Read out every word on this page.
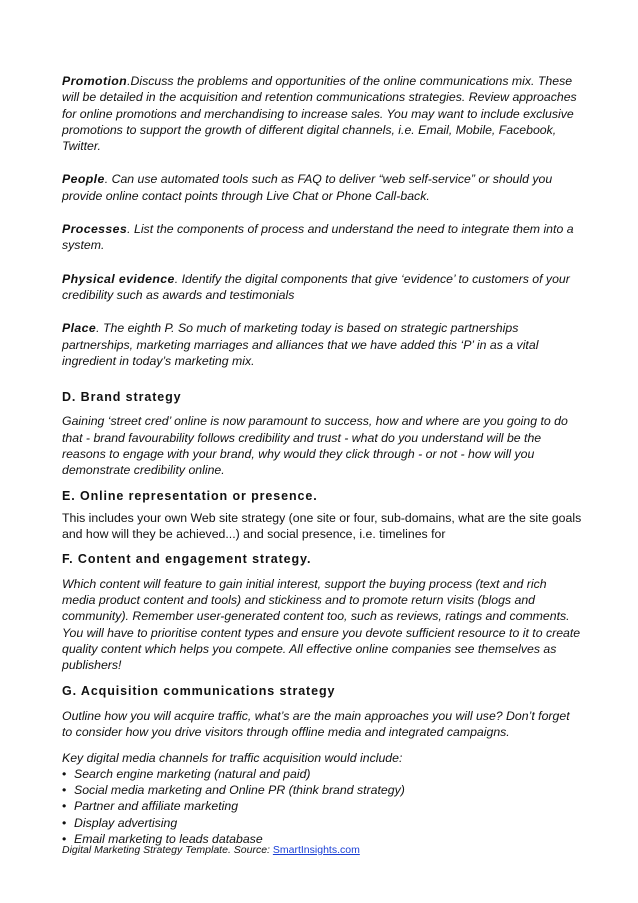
Promotion.Discuss the problems and opportunities of the online communications mix. These will be detailed in the acquisition and retention communications strategies. Review approaches for online promotions and merchandising to increase sales. You may want to include exclusive promotions to support the growth of different digital channels, i.e. Email, Mobile, Facebook, Twitter.

People. Can use automated tools such as FAQ to deliver “web self-service” or should you provide online contact points through Live Chat or Phone Call-back.

Processes. List the components of process and understand the need to integrate them into a system.

Physical evidence. Identify the digital components that give ‘evidence’ to customers of your credibility such as awards and testimonials

Place. The eighth P. So much of marketing today is based on strategic partnerships partnerships, marketing marriages and alliances that we have added this ‘P’ in as a vital ingredient in today’s marketing mix.

D. Brand strategy

Gaining ‘street cred’ online is now paramount to success, how and where are you going to do that - brand favourability follows credibility and trust - what do you understand will be the reasons to engage with your brand, why would they click through - or not - how will you demonstrate credibility online.

E. Online representation or presence.

This includes your own Web site strategy (one site or four, sub-domains, what are the site goals and how will they be achieved...) and social presence, i.e. timelines for

F. Content and engagement strategy.

Which content will feature to gain initial interest, support the buying process (text and rich media product content and tools) and stickiness and to promote return visits (blogs and community). Remember user-generated content too, such as reviews, ratings and comments. You will have to prioritise content types and ensure you devote sufficient resource to it to create quality content which helps you compete. All effective online companies see themselves as publishers!

G. Acquisition communications strategy

Outline how you will acquire traffic, what’s are the main approaches you will use? Don’t forget to consider how you drive visitors through offline media and integrated campaigns.

Key digital media channels for traffic acquisition would include:

• Search engine marketing (natural and paid)
• Social media marketing and Online PR (think brand strategy)
• Partner and affiliate marketing
• Display advertising
• Email marketing to leads database
Digital Marketing Strategy Template. Source: SmartInsights.com
